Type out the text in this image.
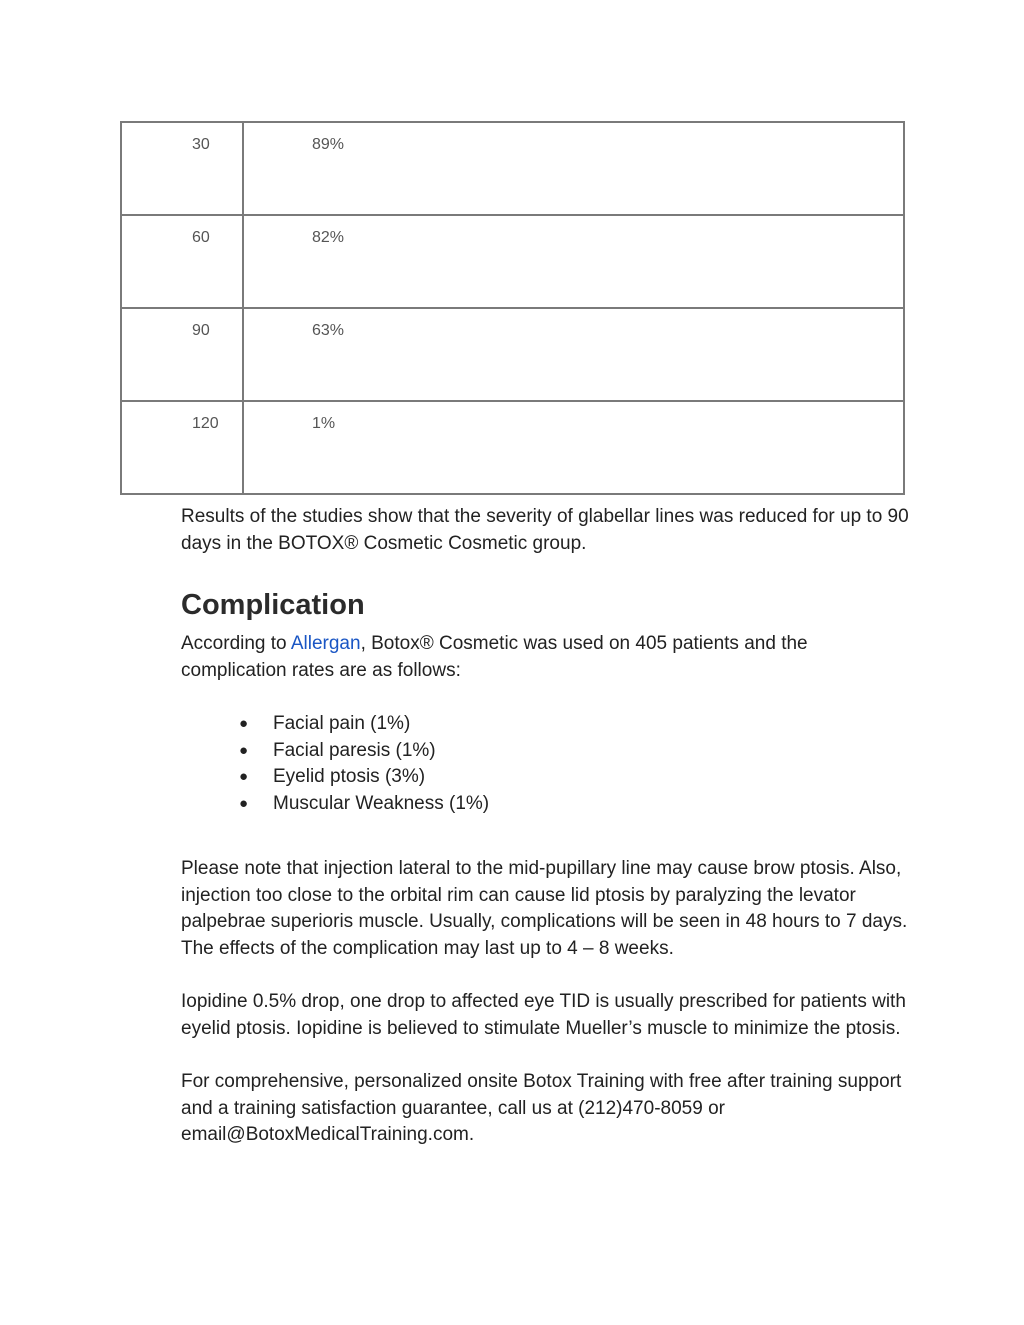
30	89%

60	82%

90	63%

120	1%

Results of the studies show that the severity of glabellar lines was reduced for up to 90 days in the BOTOX® Cosmetic Cosmetic group.

Complication

According to Allergan, Botox® Cosmetic was used on 405 patients and the complication rates are as follows:

● Facial pain (1%)
● Facial paresis (1%)
● Eyelid ptosis (3%)
● Muscular Weakness (1%)

Please note that injection lateral to the mid-pupillary line may cause brow ptosis. Also, injection too close to the orbital rim can cause lid ptosis by paralyzing the levator palpebrae superioris muscle. Usually, complications will be seen in 48 hours to 7 days. The effects of the complication may last up to 4 – 8 weeks.

Iopidine 0.5% drop, one drop to affected eye TID is usually prescribed for patients with eyelid ptosis. Iopidine is believed to stimulate Mueller’s muscle to minimize the ptosis.

For comprehensive, personalized onsite Botox Training with free after training support and a training satisfaction guarantee, call us at (212)470-8059 or email@BotoxMedicalTraining.com.
